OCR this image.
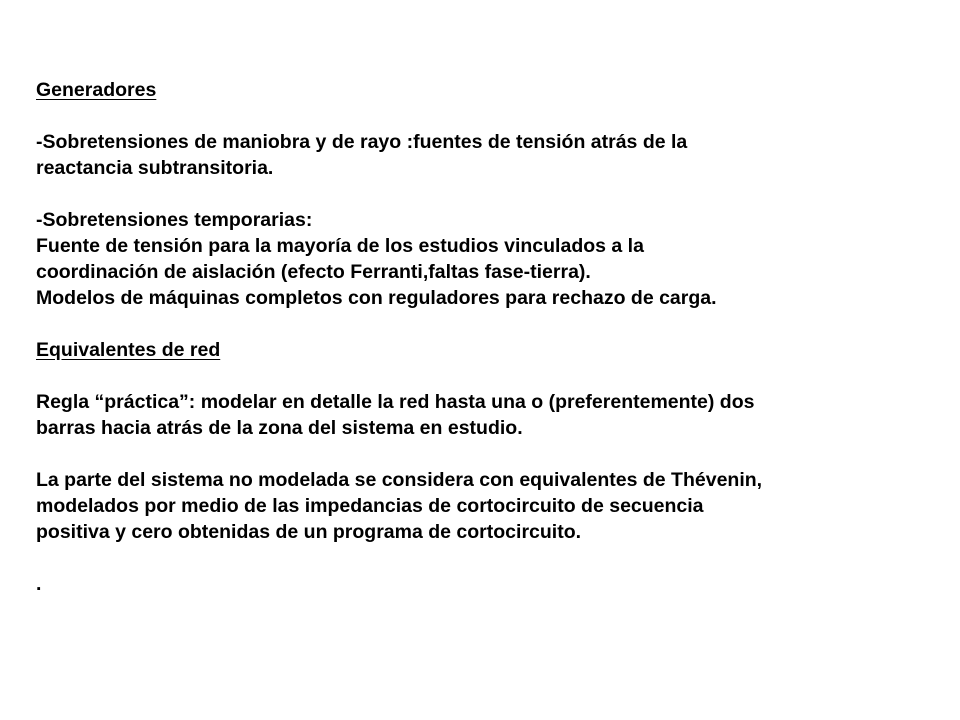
Generadores
-Sobretensiones de maniobra y de rayo :fuentes de tensión atrás de la
reactancia subtransitoria.
-Sobretensiones temporarias:
Fuente de tensión para la mayoría de los estudios vinculados a la
coordinación de aislación (efecto Ferranti,faltas fase-tierra).
Modelos de máquinas completos con reguladores para rechazo de carga.
Equivalentes de red
Regla “práctica”: modelar en detalle la red hasta una o (preferentemente) dos
barras hacia atrás de la zona del sistema en estudio.
La parte del sistema no modelada se considera con equivalentes de Thévenin,
modelados por medio de las impedancias de cortocircuito de secuencia
positiva y cero obtenidas de un programa de cortocircuito.
.
